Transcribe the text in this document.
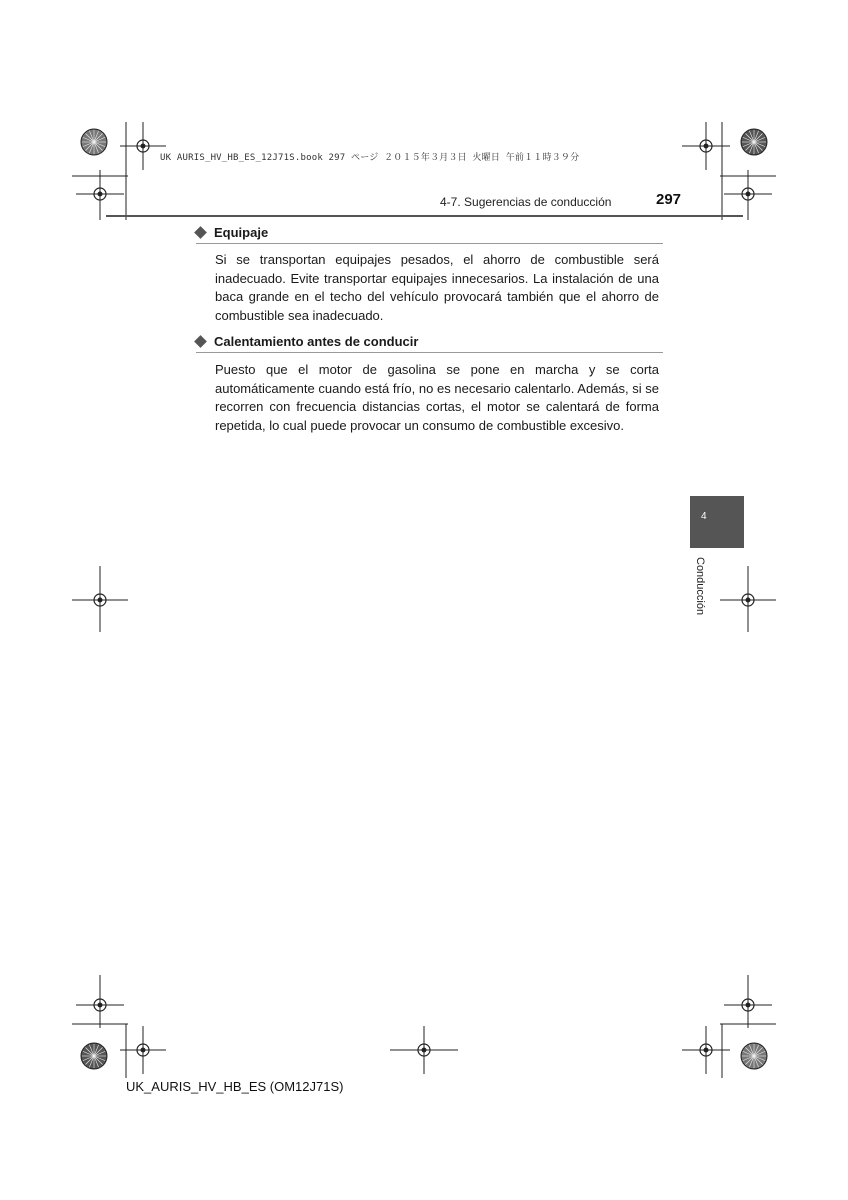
UK AURIS_HV_HB_ES_12J71S.book 297 ページ ２０１５年３月３日 火曜日 午前１１時３９分
4-7. Sugerencias de conducción	297
Equipaje
Si se transportan equipajes pesados, el ahorro de combustible será inadecuado. Evite transportar equipajes innecesarios. La instalación de una baca grande en el techo del vehículo provocará también que el ahorro de combustible sea inadecuado.
Calentamiento antes de conducir
Puesto que el motor de gasolina se pone en marcha y se corta automáticamente cuando está frío, no es necesario calentarlo. Además, si se recorren con frecuencia distancias cortas, el motor se calentará de forma repetida, lo cual puede provocar un consumo de combustible excesivo.
4
Conducción
UK_AURIS_HV_HB_ES (OM12J71S)
